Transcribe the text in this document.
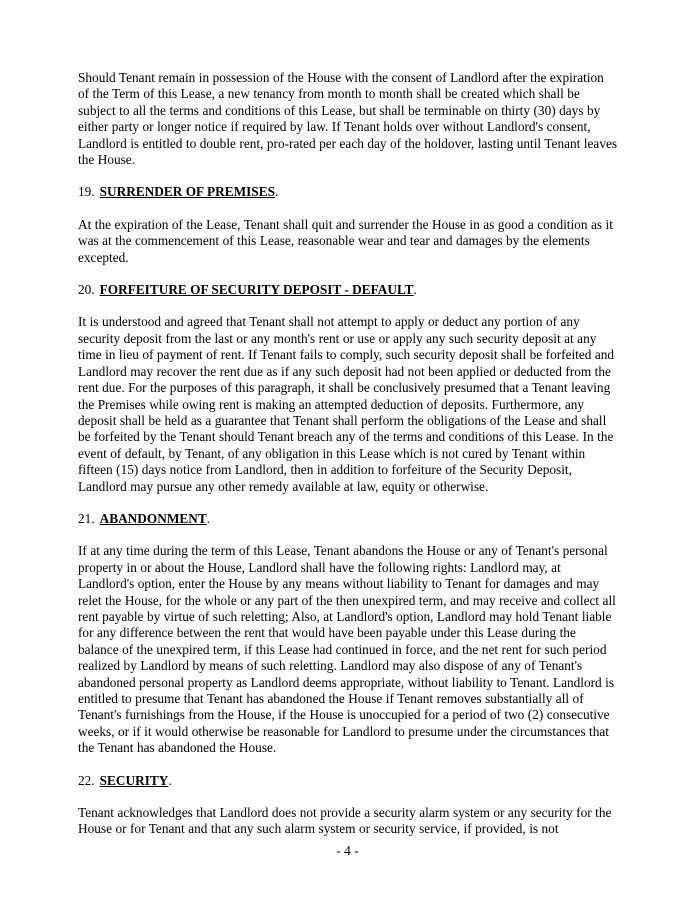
Should Tenant remain in possession of the House with the consent of Landlord after the expiration of the Term of this Lease, a new tenancy from month to month shall be created which shall be subject to all the terms and conditions of this Lease, but shall be terminable on thirty (30) days by either party or longer notice if required by law. If Tenant holds over without Landlord's consent, Landlord is entitled to double rent, pro-rated per each day of the holdover, lasting until Tenant leaves the House.

19. SURRENDER OF PREMISES.

At the expiration of the Lease, Tenant shall quit and surrender the House in as good a condition as it was at the commencement of this Lease, reasonable wear and tear and damages by the elements excepted.

20. FORFEITURE OF SECURITY DEPOSIT - DEFAULT.

It is understood and agreed that Tenant shall not attempt to apply or deduct any portion of any security deposit from the last or any month's rent or use or apply any such security deposit at any time in lieu of payment of rent. If Tenant fails to comply, such security deposit shall be forfeited and Landlord may recover the rent due as if any such deposit had not been applied or deducted from the rent due. For the purposes of this paragraph, it shall be conclusively presumed that a Tenant leaving the Premises while owing rent is making an attempted deduction of deposits. Furthermore, any deposit shall be held as a guarantee that Tenant shall perform the obligations of the Lease and shall be forfeited by the Tenant should Tenant breach any of the terms and conditions of this Lease. In the event of default, by Tenant, of any obligation in this Lease which is not cured by Tenant within fifteen (15) days notice from Landlord, then in addition to forfeiture of the Security Deposit, Landlord may pursue any other remedy available at law, equity or otherwise.

21. ABANDONMENT.

If at any time during the term of this Lease, Tenant abandons the House or any of Tenant's personal property in or about the House, Landlord shall have the following rights: Landlord may, at Landlord's option, enter the House by any means without liability to Tenant for damages and may relet the House, for the whole or any part of the then unexpired term, and may receive and collect all rent payable by virtue of such reletting; Also, at Landlord's option, Landlord may hold Tenant liable for any difference between the rent that would have been payable under this Lease during the balance of the unexpired term, if this Lease had continued in force, and the net rent for such period realized by Landlord by means of such reletting. Landlord may also dispose of any of Tenant's abandoned personal property as Landlord deems appropriate, without liability to Tenant. Landlord is entitled to presume that Tenant has abandoned the House if Tenant removes substantially all of Tenant's furnishings from the House, if the House is unoccupied for a period of two (2) consecutive weeks, or if it would otherwise be reasonable for Landlord to presume under the circumstances that the Tenant has abandoned the House.

22. SECURITY.

Tenant acknowledges that Landlord does not provide a security alarm system or any security for the House or for Tenant and that any such alarm system or security service, if provided, is not

- 4 -
